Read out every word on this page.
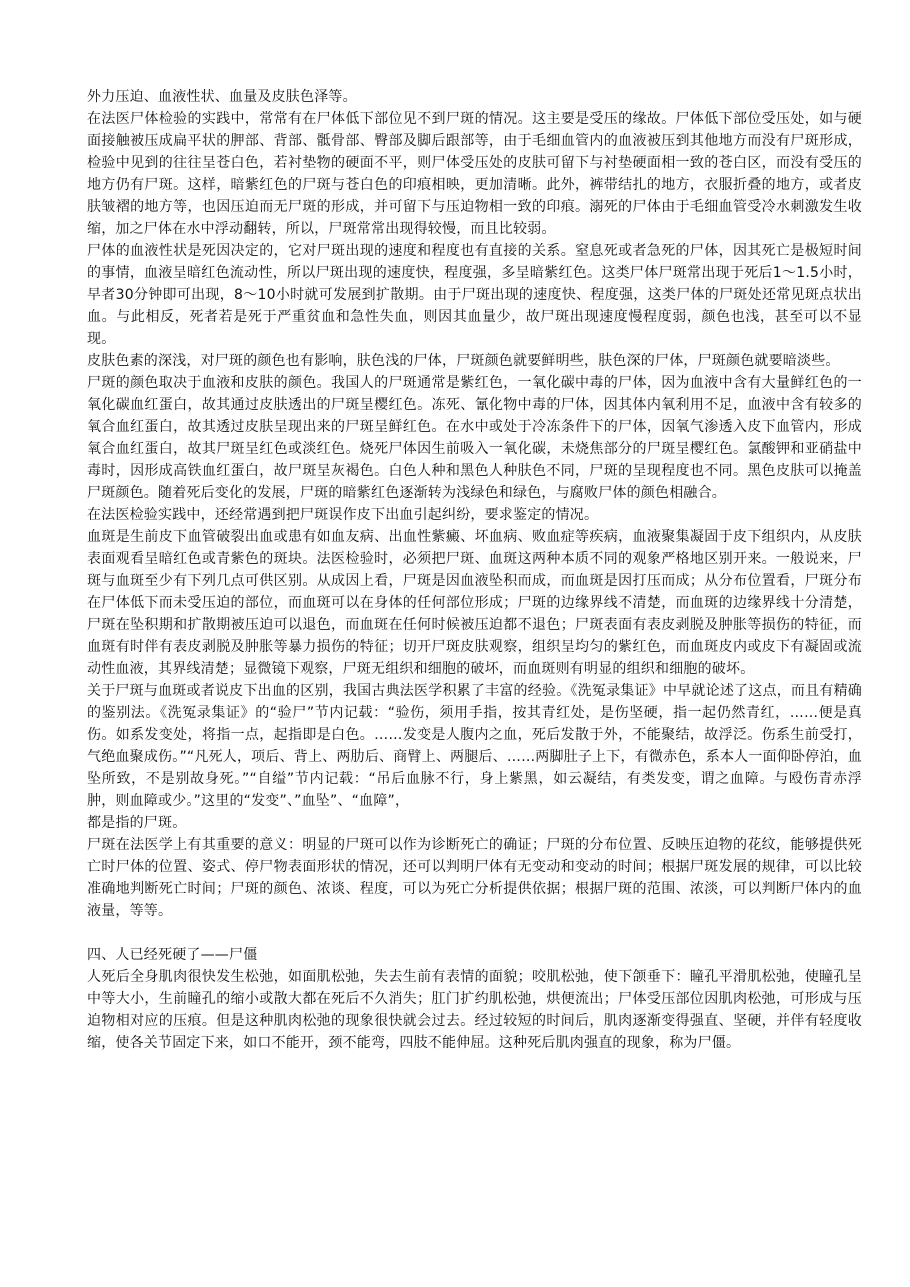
外力压迫、血液性状、血量及皮肤色泽等。

在法医尸体检验的实践中，常常有在尸体低下部位见不到尸斑的情况。这主要是受压的缘故。尸体低下部位受压处，如与硬面接触被压成扁平状的胛部、背部、骶骨部、臀部及脚后跟部等，由于毛细血管内的血液被压到其他地方而没有尸斑形成，检验中见到的往往呈苍白色，若衬垫物的硬面不平，则尸体受压处的皮肤可留下与衬垫硬面相一致的苍白区，而没有受压的地方仍有尸斑。这样，暗紫红色的尸斑与苍白色的印痕相映，更加清晰。此外，裤带结扎的地方，衣服折叠的地方，或者皮肤皱褶的地方等，也因压迫而无尸斑的形成，并可留下与压迫物相一致的印痕。溺死的尸体由于毛细血管受冷水刺激发生收缩，加之尸体在水中浮动翻转，所以，尸斑常常出现得较慢，而且比较弱。

尸体的血液性状是死因决定的，它对尸斑出现的速度和程度也有直接的关系。窒息死或者急死的尸体，因其死亡是极短时间的事情，血液呈暗红色流动性，所以尸斑出现的速度快，程度强，多呈暗紫红色。这类尸体尸斑常出现于死后1～1.5小时，早者30分钟即可出现，8～10小时就可发展到扩散期。由于尸斑出现的速度快、程度强，这类尸体的尸斑处还常见斑点状出血。与此相反，死者若是死于严重贫血和急性失血，则因其血量少，故尸斑出现速度慢程度弱，颜色也浅，甚至可以不显现。

皮肤色素的深浅，对尸斑的颜色也有影响，肤色浅的尸体，尸斑颜色就要鲜明些，肤色深的尸体，尸斑颜色就要暗淡些。

尸斑的颜色取决于血液和皮肤的颜色。我国人的尸斑通常是紫红色，一氧化碳中毒的尸体，因为血液中含有大量鲜红色的一氧化碳血红蛋白，故其通过皮肤透出的尸斑呈樱红色。冻死、氰化物中毒的尸体，因其体内氧利用不足，血液中含有较多的氧合血红蛋白，故其透过皮肤呈现出来的尸斑呈鲜红色。在水中或处于冷冻条件下的尸体，因氧气渗透入皮下血管内，形成氧合血红蛋白，故其尸斑呈红色或淡红色。烧死尸体因生前吸入一氧化碳，未烧焦部分的尸斑呈樱红色。氯酸钾和亚硝盐中毒时，因形成高铁血红蛋白，故尸斑呈灰褐色。白色人种和黑色人种肤色不同，尸斑的呈现程度也不同。黑色皮肤可以掩盖尸斑颜色。随着死后变化的发展，尸斑的暗紫红色逐渐转为浅绿色和绿色，与腐败尸体的颜色相融合。

在法医检验实践中，还经常遇到把尸斑误作皮下出血引起纠纷，要求鉴定的情况。

血斑是生前皮下血管破裂出血或患有如血友病、出血性紫癜、坏血病、败血症等疾病，血液聚集凝固于皮下组织内，从皮肤表面观看呈暗红色或青紫色的斑块。法医检验时，必须把尸斑、血斑这两种本质不同的观象严格地区别开来。一般说来，尸斑与血斑至少有下列几点可供区别。从成因上看，尸斑是因血液坠积而成，而血斑是因打压而成；从分布位置看，尸斑分布在尸体低下而未受压迫的部位，而血斑可以在身体的任何部位形成；尸斑的边缘界线不清楚，而血斑的边缘界线十分清楚，尸斑在坠积期和扩散期被压迫可以退色，而血斑在任何时候被压迫都不退色；尸斑表面有表皮剥脱及肿胀等损伤的特征，而血斑有时伴有表皮剥脱及肿胀等暴力损伤的特征；切开尸斑皮肤观察，组织呈均匀的紫红色，而血斑皮内或皮下有凝固或流动性血液，其界线清楚；显微镜下观察，尸斑无组织和细胞的破坏，而血斑则有明显的组织和细胞的破坏。

关于尸斑与血斑或者说皮下出血的区别，我国古典法医学积累了丰富的经验。《洗冤录集证》中早就论述了这点，而且有精确的鉴别法。《洗冤录集证》的“验尸”节内记载：“验伤，须用手指，按其青红处，是伤坚硬，指一起仍然青红，……便是真伤。如系发变处，将指一点，起指即是白色。……发变是人腹内之血，死后发散于外，不能聚结，故浮泛。伤系生前受打，气绝血聚成伤。”“凡死人，项后、背上、两肋后、商臂上、两腿后、……两脚肚子上下，有微赤色，系本人一面仰卧停泊，血坠所致，不是别故身死。”“自缢”节内记载：“吊后血脉不行，身上紫黑，如云凝结，有类发变，谓之血障。与殴伤青赤浮肿，则血障或少。”这里的“发变”、”血坠”、“血障”，

都是指的尸斑。

尸斑在法医学上有其重要的意义：明显的尸斑可以作为诊断死亡的确证；尸斑的分布位置、反映压迫物的花纹，能够提供死亡时尸体的位置、姿式、停尸物表面形状的情况，还可以判明尸体有无变动和变动的时间；根据尸斑发展的规律，可以比较准确地判断死亡时间；尸斑的颜色、浓谈、程度，可以为死亡分析提供依据；根据尸斑的范围、浓淡，可以判断尸体内的血液量，等等。

四、人已经死硬了——尸僵

人死后全身肌肉很快发生松弛，如面肌松弛，失去生前有表情的面貌；咬肌松弛，使下颌垂下：瞳孔平滑肌松弛，使瞳孔呈中等大小，生前瞳孔的缩小或散大都在死后不久消失；肛门扩约肌松弛，烘便流出；尸体受压部位因肌肉松弛，可形成与压迫物相对应的压痕。但是这种肌肉松弛的现象很快就会过去。经过较短的时间后，肌肉逐渐变得强直、坚硬，并伴有轻度收缩，使各关节固定下来，如口不能开，颈不能弯，四肢不能伸屈。这种死后肌肉强直的现象，称为尸僵。
